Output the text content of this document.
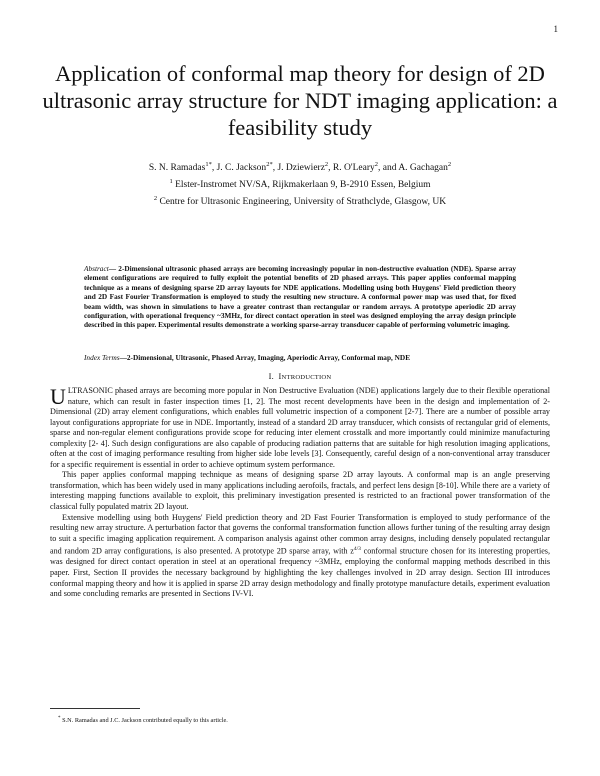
1
Application of conformal map theory for design of 2D ultrasonic array structure for NDT imaging application: a feasibility study
S. N. Ramadas$^{1*}$, J. C. Jackson$^{2*}$, J. Dziewierz$^2$, R. O'Leary$^2$, and A. Gachagan$^2$
$^1$ Elster-Instromet NV/SA, Rijkmakerlaan 9, B-2910 Essen, Belgium
$^2$ Centre for Ultrasonic Engineering, University of Strathclyde, Glasgow, UK
Abstract— 2-Dimensional ultrasonic phased arrays are becoming increasingly popular in non-destructive evaluation (NDE). Sparse array element configurations are required to fully exploit the potential benefits of 2D phased arrays. This paper applies conformal mapping technique as a means of designing sparse 2D array layouts for NDE applications. Modelling using both Huygens' Field prediction theory and 2D Fast Fourier Transformation is employed to study the resulting new structure. A conformal power map was used that, for fixed beam width, was shown in simulations to have a greater contrast than rectangular or random arrays. A prototype aperiodic 2D array configuration, with operational frequency ~3MHz, for direct contact operation in steel was designed employing the array design principle described in this paper. Experimental results demonstrate a working sparse-array transducer capable of performing volumetric imaging.
Index Terms—2-Dimensional, Ultrasonic, Phased Array, Imaging, Aperiodic Array, Conformal map, NDE
I. INTRODUCTION

ULTRASONIC phased arrays are becoming more popular in Non Destructive Evaluation (NDE) applications largely due to their flexible operational nature, which can result in faster inspection times [1, 2]. The most recent developments have been in the design and implementation of 2-Dimensional (2D) array element configurations, which enables full volumetric inspection of a component [2-7]. There are a number of possible array layout configurations appropriate for use in NDE. Importantly, instead of a standard 2D array transducer, which consists of rectangular grid of elements, sparse and non-regular element configurations provide scope for reducing inter element crosstalk and more importantly could minimize manufacturing complexity [2- 4]. Such design configurations are also capable of producing radiation patterns that are suitable for high resolution imaging applications, often at the cost of imaging performance resulting from higher side lobe levels [3]. Consequently, careful design of a non-conventional array transducer for a specific requirement is essential in order to achieve optimum system performance.

This paper applies conformal mapping technique as means of designing sparse 2D array layouts. A conformal map is an angle preserving transformation, which has been widely used in many applications including aerofoils, fractals, and perfect lens design [8-10]. While there are a variety of interesting mapping functions available to exploit, this preliminary investigation presented is restricted to an fractional power transformation of the classical fully populated matrix 2D layout.

Extensive modelling using both Huygens' Field prediction theory and 2D Fast Fourier Transformation is employed to study performance of the resulting new array structure. A perturbation factor that governs the conformal transformation function allows further tuning of the resulting array design to suit a specific imaging application requirement. A comparison analysis against other common array designs, including densely populated rectangular and random 2D array configurations, is also presented. A prototype 2D sparse array, with $z^{4/3}$ conformal structure chosen for its interesting properties, was designed for direct contact operation in steel at an operational frequency ~3MHz, employing the conformal mapping methods described in this paper. First, Section II provides the necessary background by highlighting the key challenges involved in 2D array design. Section III introduces conformal mapping theory and how it is applied in sparse 2D array design methodology and finally prototype manufacture details, experiment evaluation and some concluding remarks are presented in Sections IV-VI.

* S.N. Ramadas and J.C. Jackson contributed equally to this article.
